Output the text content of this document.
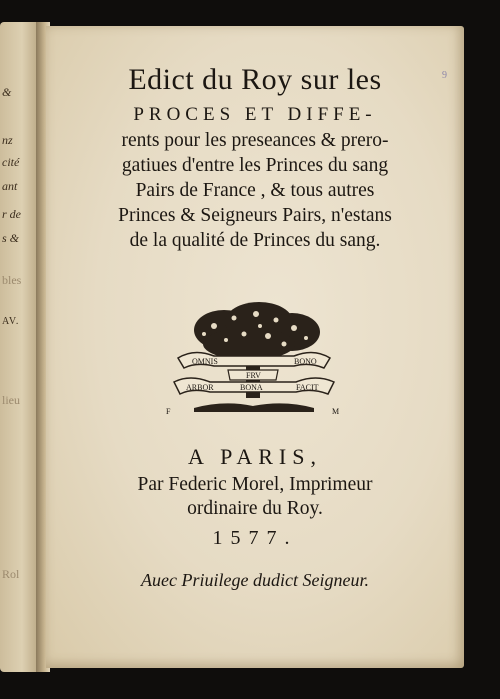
&
nz
cité
ant
r de
s &
AV.
bles
Rol
lieu
9
Edict du Roy sur les
PROCES ET DIFFE-
rents pour les preseances & prero-
gatiues d'entre les Princes du sang
Pairs de France , & tous autres
Princes & Seigneurs Pairs, n'estans
de la qualité de Princes du sang.
OMNIS	BONO
FRV
ARBOR	BONA	FACIT
F	M
A PARIS,
Par Federic Morel, Imprimeur
ordinaire du Roy.
1577.
Auec Priuilege dudict Seigneur.
